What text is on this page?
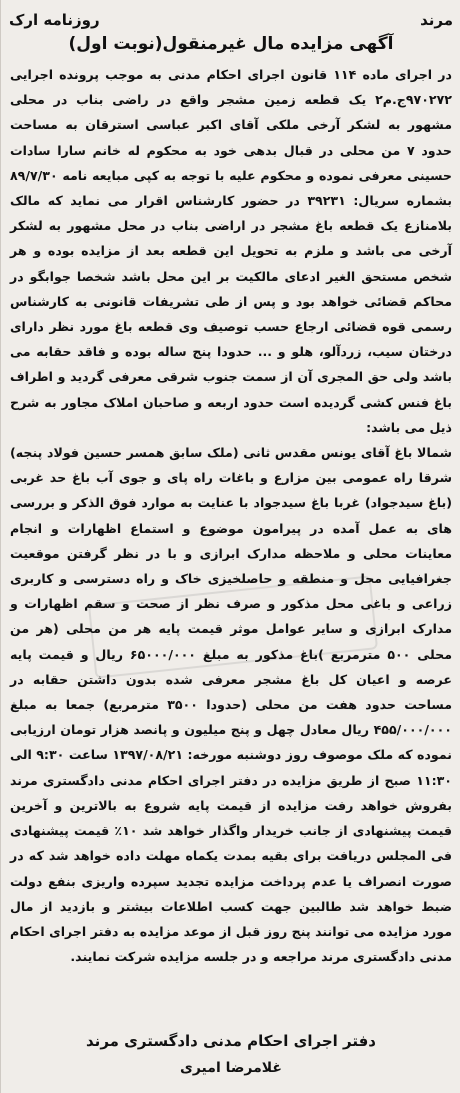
مرند
روزنامه ارک
آگهی مزایده مال غیرمنقول(نوبت اول)

در اجرای ماده ۱۱۴ قانون اجرای احکام مدنی به موجب پرونده اجرایی ۹۷۰۲۷۲ج.م۲ یک قطعه زمین مشجر واقع در راضی بناب در محلی مشهور به لشکر آرخی ملکی آقای اکبر عباسی استرقان به مساحت حدود ۷ من محلی در قبال بدهی خود به محکوم له خانم سارا سادات حسینی معرفی نموده و محکوم علیه با توجه به کپی مبایعه نامه ۸۹/۷/۳۰ بشماره سریال: ۳۹۲۳۱ در حضور کارشناس اقرار می نماید که مالک بلامنازع یک قطعه باغ مشجر در اراضی بناب در محل مشهور به لشکر آرخی می باشد و ملزم به تحویل این قطعه بعد از مزایده بوده و هر شخص مستحق الغیر ادعای مالکیت بر این محل باشد شخصا جوابگو در محاکم قضائی خواهد بود و پس از طی تشریفات قانونی به کارشناس رسمی قوه قضائی ارجاع حسب توصیف وی قطعه باغ مورد نظر دارای درختان سیب، زردآلو، هلو و ... حدودا پنج ساله بوده و فاقد حقابه می باشد ولی حق المجری آن از سمت جنوب شرقی معرفی گردید و اطراف باغ فنس کشی گردیده است حدود اربعه و صاحبان املاک مجاور به شرح ذیل می باشد:

شمالا باغ آقای یونس مقدس ثانی (ملک سابق همسر حسین فولاد پنجه) شرقا راه عمومی بین مزارع و باغات راه پای و جوی آب باغ حد غربی (باغ سیدجواد) غربا باغ سیدجواد با عنایت به موارد فوق الذکر و بررسی های به عمل آمده در پیرامون موضوع و استماع اظهارات و انجام معاینات محلی و ملاحظه مدارک ابرازی و با در نظر گرفتن موقعیت جغرافیایی محل و منطقه و حاصلخیزی خاک و راه دسترسی و کاربری زراعی و باغی محل مذکور و صرف نظر از صحت و سقم اظهارات و مدارک ابرازی و سایر عوامل موثر قیمت پایه هر من محلی (هر من محلی ۵۰۰ مترمربع )باغ مذکور به مبلغ ۶۵۰۰۰/۰۰۰ ریال و قیمت پایه عرصه و اعیان کل باغ مشجر معرفی شده بدون داشتن حقابه در مساحت حدود هفت من محلی (حدودا ۳۵۰۰ مترمربع) جمعا به مبلغ ۴۵۵/۰۰۰/۰۰۰ ریال معادل چهل و پنج میلیون و پانصد هزار تومان ارزیابی نموده که ملک موصوف روز دوشنبه مورخه: ۱۳۹۷/۰۸/۲۱ ساعت ۹:۳۰ الی ۱۱:۳۰ صبح از طریق مزایده در دفتر اجرای احکام مدنی دادگستری مرند بفروش خواهد رفت مزایده از قیمت پایه شروع به بالاترین و آخرین قیمت پیشنهادی از جانب خریدار واگذار خواهد شد ۱۰٪ قیمت پیشنهادی فی المجلس دریافت برای بقیه بمدت یکماه مهلت داده خواهد شد که در صورت انصراف یا عدم پرداخت مزایده تجدید سپرده واریزی بنفع دولت ضبط خواهد شد طالبین جهت کسب اطلاعات بیشتر و بازدید از مال مورد مزایده می توانند پنج روز قبل از موعد مزایده به دفتر اجرای احکام مدنی دادگستری مرند مراجعه و در جلسه مزایده شرکت نمایند.

دفتر اجرای احکام مدنی دادگستری مرند
غلامرضا امیری
